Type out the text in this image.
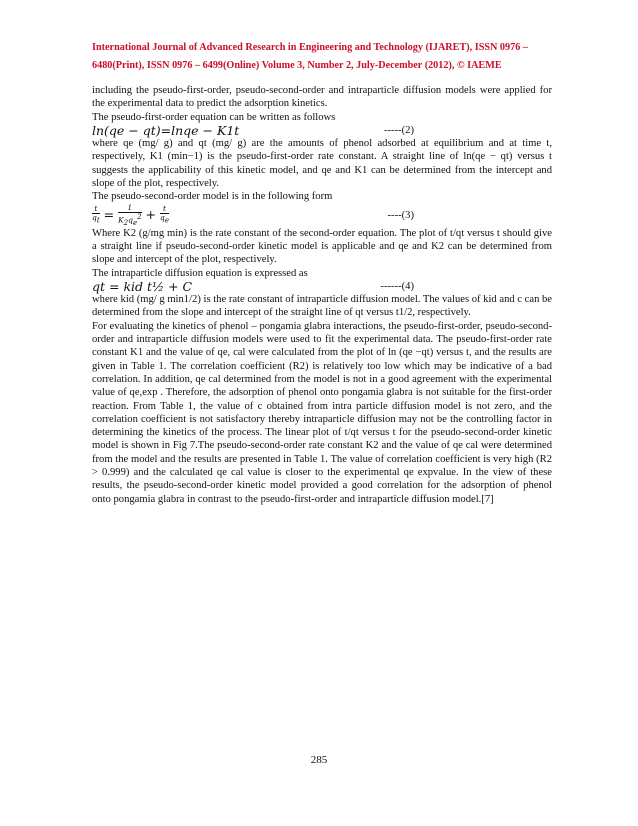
International Journal of Advanced Research in Engineering and Technology (IJARET), ISSN 0976 –
6480(Print), ISSN 0976 – 6499(Online) Volume 3, Number 2, July-December (2012), © IAEME

including the pseudo-first-order, pseudo-second-order and intraparticle diffusion models were applied for the experimental data to predict the adsorption kinetics.

The pseudo-first-order equation can be written as follows

ln(qe − qt)=lnqe − K1t	-----(2)

where qe (mg/ g) and qt (mg/ g) are the amounts of phenol adsorbed at equilibrium and at time t, respectively, K1 (min−1) is the pseudo-first-order rate constant. A straight line of ln(qe − qt) versus t suggests the applicability of this kinetic model, and qe and K1 can be determined from the intercept and slope of the plot, respectively.

The pseudo-second-order model is in the following form

$\frac{t}{q_t} = \frac{1}{K_2q_e^2} + \frac{t}{q_e}$	----(3)

Where K2 (g/mg min) is the rate constant of the second-order equation. The plot of t/qt versus t should give a straight line if pseudo-second-order kinetic model is applicable and qe and K2 can be determined from slope and intercept of the plot, respectively.

The intraparticle diffusion equation is expressed as

qt = kid t½ + C	------(4)

where kid (mg/ g min1/2) is the rate constant of intraparticle diffusion model. The values of kid and c can be determined from the slope and intercept of the straight line of qt versus t1/2, respectively.

For evaluating the kinetics of phenol – pongamia glabra interactions, the pseudo-first-order, pseudo-second-order and intraparticle diffusion models were used to fit the experimental data. The pseudo-first-order rate constant K1 and the value of qe, cal were calculated from the plot of ln (qe −qt) versus t, and the results are given in Table 1. The correlation coefficient (R2) is relatively too low which may be indicative of a bad correlation. In addition, qe cal determined from the model is not in a good agreement with the experimental value of qe,exp . Therefore, the adsorption of phenol onto pongamia glabra is not suitable for the first-order reaction. From Table 1, the value of c obtained from intra particle diffusion model is not zero, and the correlation coefficient is not satisfactory thereby intraparticle diffusion may not be the controlling factor in determining the kinetics of the process. The linear plot of t/qt versus t for the pseudo-second-order kinetic model is shown in Fig 7.The pseudo-second-order rate constant K2 and the value of qe cal were determined from the model and the results are presented in Table 1. The value of correlation coefficient is very high (R2 > 0.999) and the calculated qe cal value is closer to the experimental qe expvalue. In the view of these results, the pseudo-second-order kinetic model provided a good correlation for the adsorption of phenol onto pongamia glabra in contrast to the pseudo-first-order and intraparticle diffusion model.[7]

285
